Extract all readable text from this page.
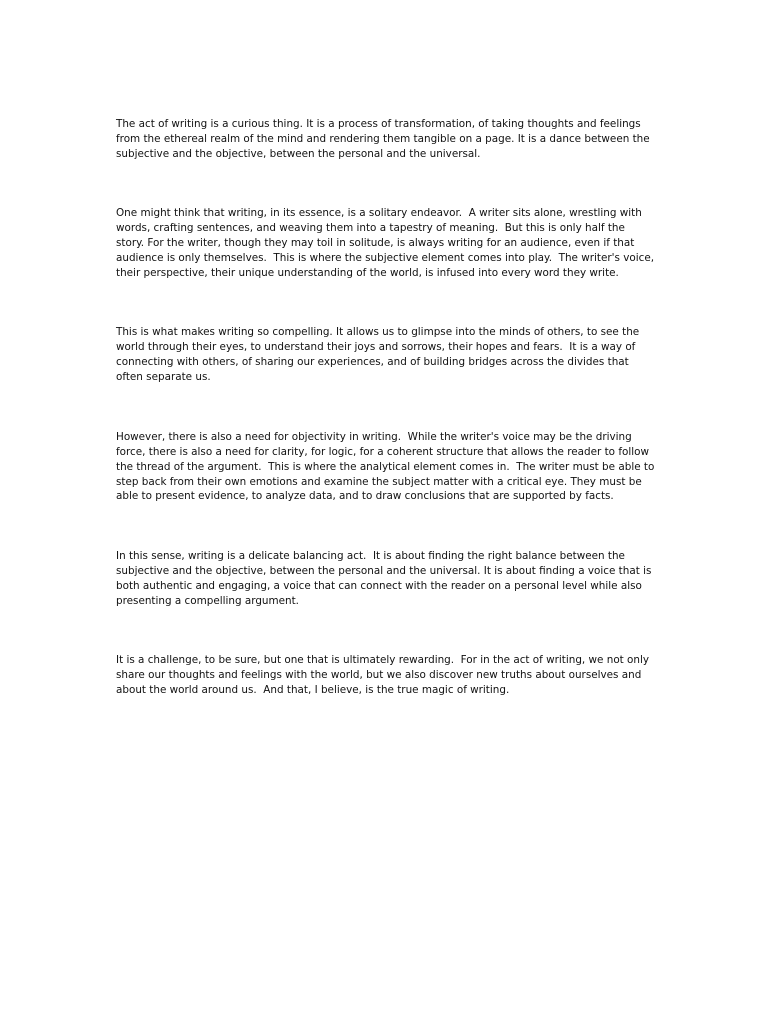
The act of writing is a curious thing. It is a process of transformation, of taking thoughts and feelings from the ethereal realm of the mind and rendering them tangible on a page. It is a dance between the subjective and the objective, between the personal and the universal.

One might think that writing, in its essence, is a solitary endeavor.  A writer sits alone, wrestling with words, crafting sentences, and weaving them into a tapestry of meaning.  But this is only half the story. For the writer, though they may toil in solitude, is always writing for an audience, even if that audience is only themselves.  This is where the subjective element comes into play.  The writer's voice, their perspective, their unique understanding of the world, is infused into every word they write.

This is what makes writing so compelling. It allows us to glimpse into the minds of others, to see the world through their eyes, to understand their joys and sorrows, their hopes and fears.  It is a way of connecting with others, of sharing our experiences, and of building bridges across the divides that often separate us.

However, there is also a need for objectivity in writing.  While the writer's voice may be the driving force, there is also a need for clarity, for logic, for a coherent structure that allows the reader to follow the thread of the argument.  This is where the analytical element comes in.  The writer must be able to step back from their own emotions and examine the subject matter with a critical eye. They must be able to present evidence, to analyze data, and to draw conclusions that are supported by facts.

In this sense, writing is a delicate balancing act.  It is about finding the right balance between the subjective and the objective, between the personal and the universal. It is about finding a voice that is both authentic and engaging, a voice that can connect with the reader on a personal level while also presenting a compelling argument.

It is a challenge, to be sure, but one that is ultimately rewarding.  For in the act of writing, we not only share our thoughts and feelings with the world, but we also discover new truths about ourselves and about the world around us.  And that, I believe, is the true magic of writing.
